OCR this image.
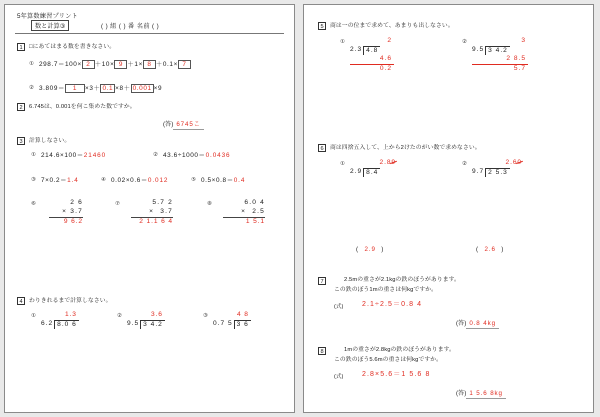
5年算数練習プリント
数と計算③	( ) 組 ( ) 番 名前 ( )
1	□にあてはまる数を書きなさい。
① 298.7＝100× 2 ＋10× 9 ＋1× 8 ＋0.1× 7
② 3.809＝ 1 ×3＋ 0.1 ×8＋ 0.001 ×9
2	6.745は、0.001を何こ集めた数ですか。
(答) 6745こ
3	計算しなさい。
① 214.6×100＝21460	② 43.6÷1000＝0.0436
③ 7×0.2＝1.4	④ 0.02×0.6＝0.012	⑤ 0.5×0.8＝0.4
⑥	2 6
× 3.7
9 6.2
⑦	5.7 2
× 3.7
2 1.1 6 4
⑧	6.0 4
× 2.5
1 5.1
4	わりきれるまで計算しなさい。
①	1.3
6.2 8.0 6
②	3.6
9.5 3 4.2
③	4 8
0.7 5 3 6
5	商は一の位まで求めて、あまりも出しなさい。
①	2
2.3 4.8
4.6
0.2
②	3
9.5 3 4.2
2 8.5
5.7
6	商は四捨五入して、上から2けたのがい数で求めなさい。
①	2.89
2.9 8.4
②	2.60
9.7 2 5.3
(  2.9  )	(  2.6  )
7	2.5mの重さが2.1kgの鉄のぼうがあります。
この鉄のぼう1mの重さは何kgですか。
(式)	2.1÷2.5＝0.8 4
(答) 0.8 4kg
8	1mの重さが2.8kgの鉄のぼうがあります。
この鉄のぼう5.6mの重さは何kgですか。
(式)	2.8×5.6＝1 5.6 8
(答) 1 5.6 8kg
